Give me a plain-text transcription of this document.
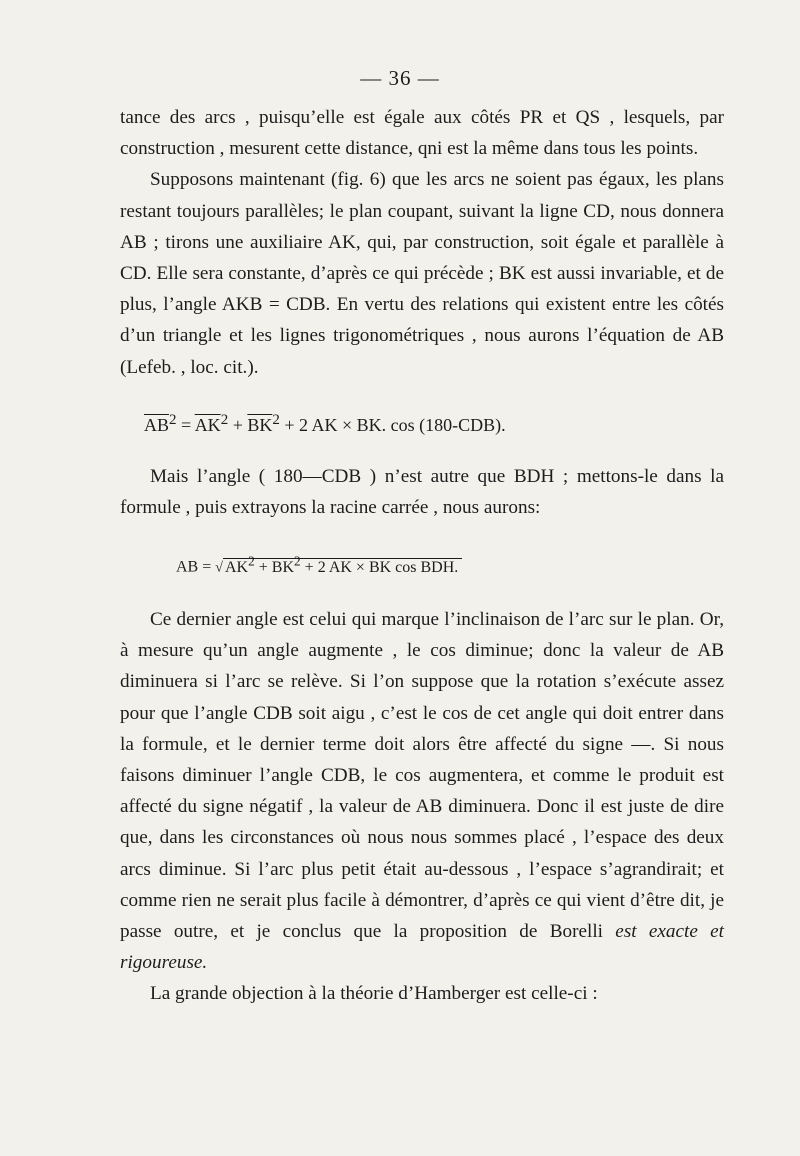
— 36 —

tance des arcs , puisqu’elle est égale aux côtés PR et QS , lesquels, par construction , mesurent cette distance, qni est la même dans tous les points.

Supposons maintenant (fig. 6) que les arcs ne soient pas égaux, les plans restant toujours parallèles; le plan coupant, suivant la ligne CD, nous donnera AB ; tirons une auxiliaire AK, qui, par construction, soit égale et parallèle à CD. Elle sera constante, d’après ce qui précède ; BK est aussi invariable, et de plus, l’angle AKB = CDB. En vertu des relations qui existent entre les côtés d’un triangle et les lignes trigonométriques , nous aurons l’équation de AB (Lefeb. , loc. cit.).

$\overline{AB}^2 = \overline{AK}^2 + \overline{BK}^2 + 2$ AK × BK. cos (180-CDB).

Mais l’angle ( 180—CDB ) n’est autre que BDH ; mettons-le dans la formule , puis extrayons la racine carrée , nous aurons:

AB = √ $AK^2 + \overline{BK}^2 + 2$ AK × BK cos BDH.

Ce dernier angle est celui qui marque l’inclinaison de l’arc sur le plan. Or, à mesure qu’un angle augmente , le cos diminue; donc la valeur de AB diminuera si l’arc se relève. Si l’on suppose que la rotation s’exécute assez pour que l’angle CDB soit aigu , c’est le cos de cet angle qui doit entrer dans la formule, et le dernier terme doit alors être affecté du signe —. Si nous faisons diminuer l’angle CDB, le cos augmentera, et comme le produit est affecté du signe négatif , la valeur de AB diminuera. Donc il est juste de dire que, dans les circonstances où nous nous sommes placé , l’espace des deux arcs diminue. Si l’arc plus petit était au-dessous , l’espace s’agrandirait; et comme rien ne serait plus facile à démontrer, d’après ce qui vient d’être dit, je passe outre, et je conclus que la proposition de Borelli est exacte et rigoureuse.

La grande objection à la théorie d’Hamberger est celle-ci :
